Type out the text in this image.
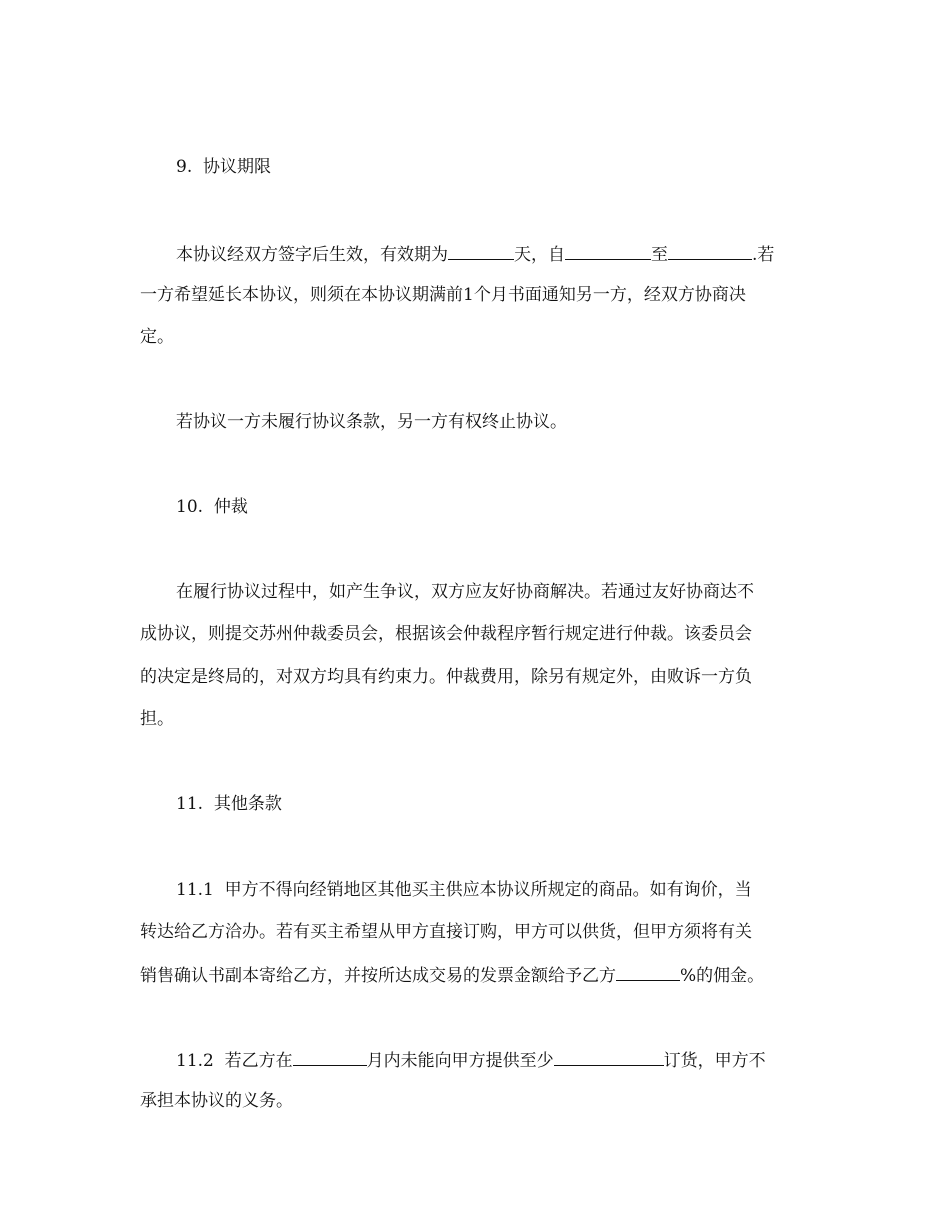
9.  协议期限
本协议经双方签字后生效，有效期为	天，自	至	.若
一方希望延长本协议，则须在本协议期满前1个月书面通知另一方，经双方协商决
定。
若协议一方未履行协议条款，另一方有权终止协议。
10.  仲裁
在履行协议过程中，如产生争议，双方应友好协商解决。若通过友好协商达不
成协议，则提交苏州仲裁委员会，根据该会仲裁程序暂行规定进行仲裁。该委员会
的决定是终局的，对双方均具有约束力。仲裁费用，除另有规定外，由败诉一方负
担。
11.  其他条款
11.1  甲方不得向经销地区其他买主供应本协议所规定的商品。如有询价，当
转达给乙方洽办。若有买主希望从甲方直接订购，甲方可以供货，但甲方须将有关
销售确认书副本寄给乙方，并按所达成交易的发票金额给予乙方	%的佣金。
11.2  若乙方在	月内未能向甲方提供至少	订货，甲方不
承担本协议的义务。
